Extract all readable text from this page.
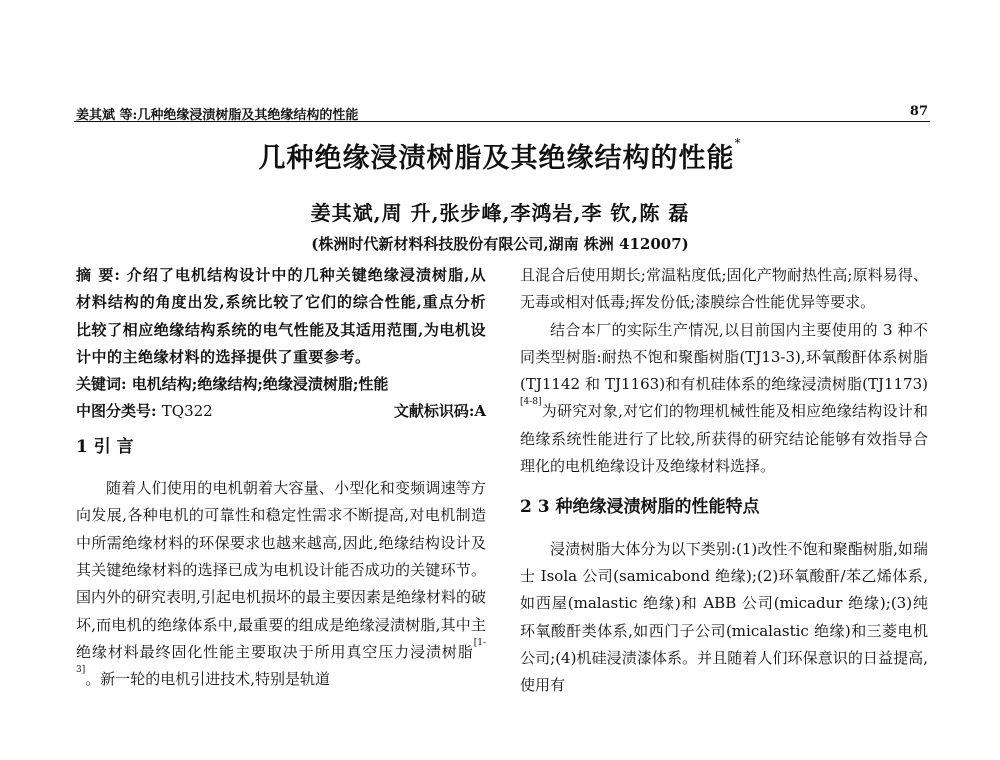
姜其斌 等:几种绝缘浸渍树脂及其绝缘结构的性能	87
几种绝缘浸渍树脂及其绝缘结构的性能*
姜其斌,周 升,张步峰,李鸿岩,李 钦,陈 磊
(株洲时代新材料科技股份有限公司,湖南 株洲 412007)

摘 要: 介绍了电机结构设计中的几种关键绝缘浸渍树脂,从材料结构的角度出发,系统比较了它们的综合性能,重点分析比较了相应绝缘结构系统的电气性能及其适用范围,为电机设计中的主绝缘材料的选择提供了重要参考。

关键词: 电机结构;绝缘结构;绝缘浸渍树脂;性能

中图分类号: TQ322	文献标识码:A

1 引 言

随着人们使用的电机朝着大容量、小型化和变频调速等方向发展,各种电机的可靠性和稳定性需求不断提高,对电机制造中所需绝缘材料的环保要求也越来越高,因此,绝缘结构设计及其关键绝缘材料的选择已成为电机设计能否成功的关键环节。国内外的研究表明,引起电机损坏的最主要因素是绝缘材料的破坏,而电机的绝缘体系中,最重要的组成是绝缘浸渍树脂,其中主绝缘材料最终固化性能主要取决于所用真空压力浸渍树脂[1-3]。新一轮的电机引进技术,特别是轨道

且混合后使用期长;常温粘度低;固化产物耐热性高;原料易得、无毒或相对低毒;挥发份低;漆膜综合性能优异等要求。

结合本厂的实际生产情况,以目前国内主要使用的 3 种不同类型树脂:耐热不饱和聚酯树脂(TJ13-3),环氧酸酐体系树脂(TJ1142 和 TJ1163)和有机硅体系的绝缘浸渍树脂(TJ1173)[4-8]为研究对象,对它们的物理机械性能及相应绝缘结构设计和绝缘系统性能进行了比较,所获得的研究结论能够有效指导合理化的电机绝缘设计及绝缘材料选择。

2 3 种绝缘浸渍树脂的性能特点

浸渍树脂大体分为以下类别:(1)改性不饱和聚酯树脂,如瑞士 Isola 公司(samicabond 绝缘);(2)环氧酸酐/苯乙烯体系,如西屋(malastic 绝缘)和 ABB 公司(micadur 绝缘);(3)纯环氧酸酐类体系,如西门子公司(micalastic 绝缘)和三菱电机公司;(4)机硅浸渍漆体系。并且随着人们环保意识的日益提高,使用有
